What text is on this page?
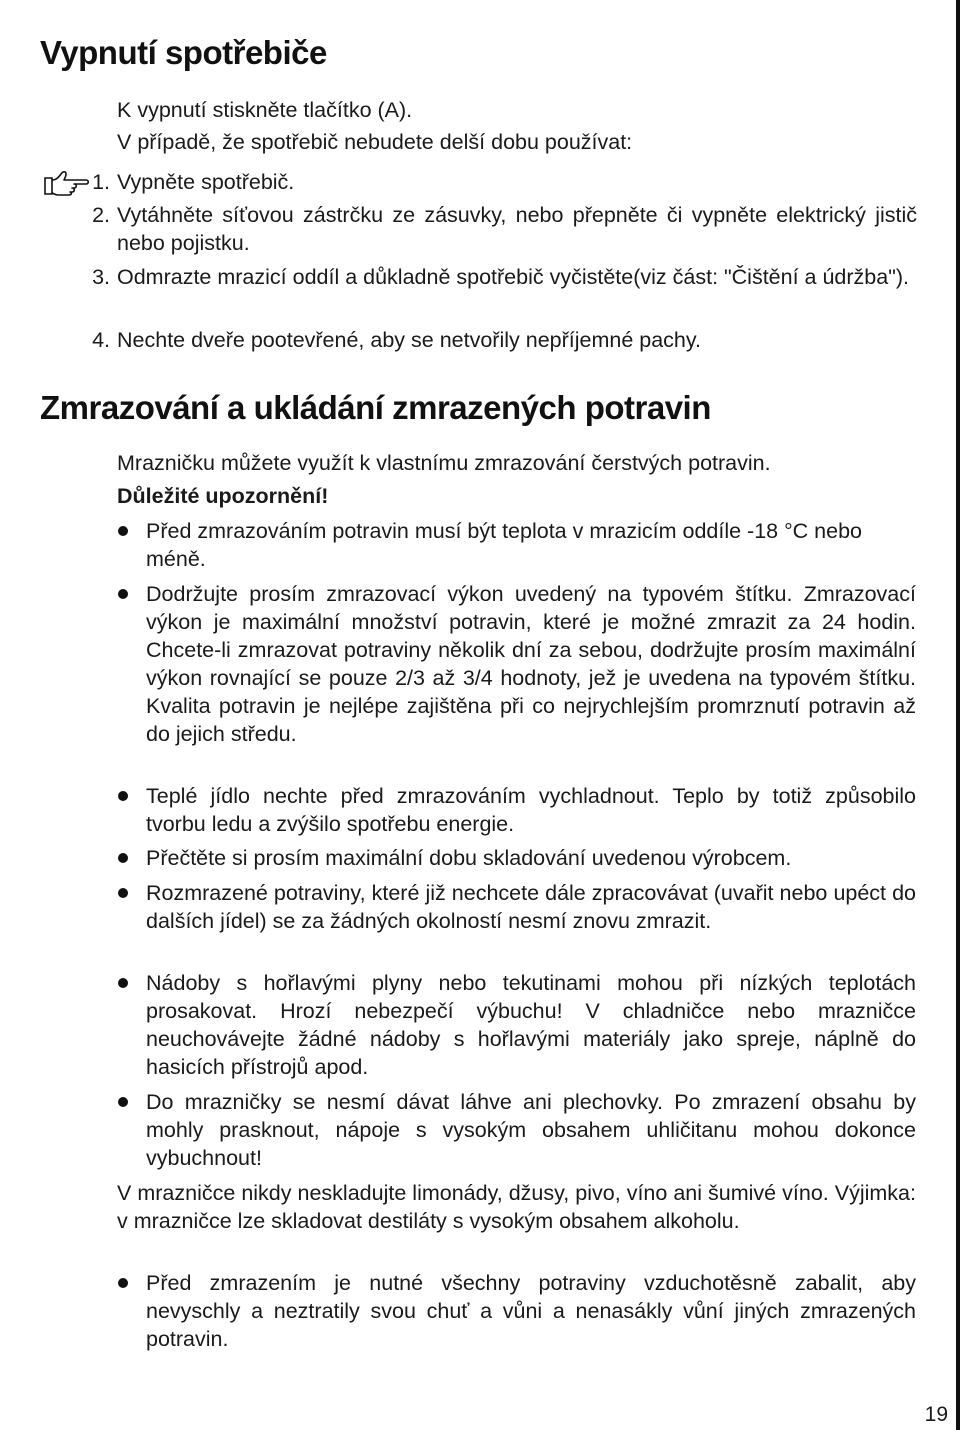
Vypnutí spotřebiče
K vypnutí stiskněte tlačítko (A).
V případě, že spotřebič nebudete delší dobu používat:
1. Vypněte spotřebič.
2. Vytáhněte síťovou zástrčku ze zásuvky, nebo přepněte či vypněte elektrický jistič nebo pojistku.
3. Odmrazte mrazicí oddíl a důkladně spotřebič vyčistěte(viz část: "Čištění a údržba").
4. Nechte dveře pootevřené, aby se netvořily nepříjemné pachy.
Zmrazování a ukládání zmrazených potravin
Mrazničku můžete využít k vlastnímu zmrazování čerstvých potravin.
Důležité upozornění!
Před zmrazováním potravin musí být teplota v mrazicím oddíle -18 °C nebo méně.
Dodržujte prosím zmrazovací výkon uvedený na typovém štítku. Zmrazovací výkon je maximální množství potravin, které je možné zmrazit za 24 hodin. Chcete-li zmrazovat potraviny několik dní za sebou, dodržujte prosím maximální výkon rovnající se pouze 2/3 až 3/4 hodnoty, jež je uvedena na typovém štítku. Kvalita potravin je nejlépe zajištěna při co nejrychlejším promrznutí potravin až do jejich středu.
Teplé jídlo nechte před zmrazováním vychladnout. Teplo by totiž způsobilo tvorbu ledu a zvýšilo spotřebu energie.
Přečtěte si prosím maximální dobu skladování uvedenou výrobcem.
Rozmrazené potraviny, které již nechcete dále zpracovávat (uvařit nebo upéct do dalších jídel) se za žádných okolností nesmí znovu zmrazit.
Nádoby s hořlavými plyny nebo tekutinami mohou při nízkých teplotách prosakovat. Hrozí nebezpečí výbuchu! V chladničce nebo mrazničce neuchovávejte žádné nádoby s hořlavými materiály jako spreje, náplně do hasicích přístrojů apod.
Do mrazničky se nesmí dávat láhve ani plechovky. Po zmrazení obsahu by mohly prasknout, nápoje s vysokým obsahem uhličitanu mohou dokonce vybuchnout!
V mrazničce nikdy neskladujte limonády, džusy, pivo, víno ani šumivé víno. Výjimka: v mrazničce lze skladovat destiláty s vysokým obsahem alkoholu.
Před zmrazením je nutné všechny potraviny vzduchotěsně zabalit, aby nevyschly a neztratily svou chuť a vůni a nenasákly vůní jiných zmrazených potravin.
19
